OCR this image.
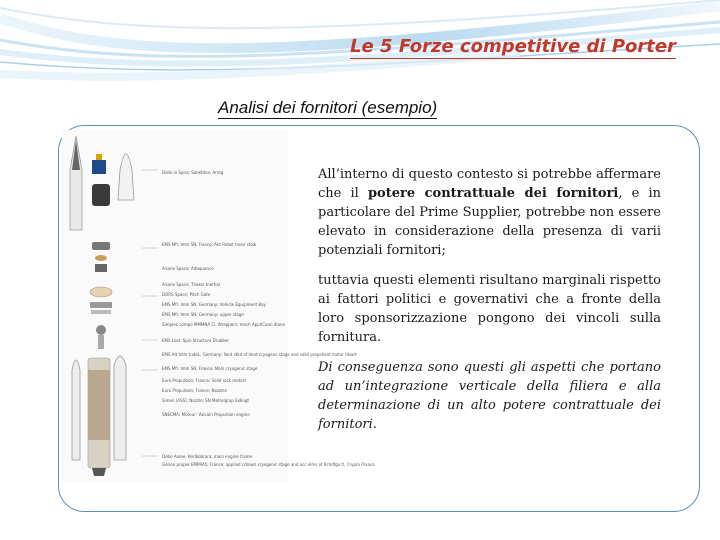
Le 5 Forze competitive di Porter
Analisi dei fornitori (esempio)
Dolle in Spira; Satellites; Arrog
EMS Mfr. Imm SN, Fresco; Ant Robot Inner stow
Ariane Space; Altaquance
Ariane Space; Thakor Inertial
DORS Space; Pitch Gate
EMS Mfr. Imm SN, Germany; Vehicle Equipment Bay
EMS Mfr. Imm SN, Germany; upper stage
Simplex compo MMMNA Cl, Wrappers; mech Appl/Conn dlpne
EMS Loxt, Spin Structure Drubber
EMS Alt Imm tudeL, Germany; fwrd stkd of Imnt cryogenc stage and solid propellant motor tikwrt
EMS Mfr. Imm SN, France; Main cryogenic stage
Euro Propulsion; France; Solid rock motors
Euro Propulsion, France; Nozzles
Simon (ASS); Nozzle; SN Metrolgrap Sidingt
SNECMA; Moteur; Vulcain Propulsion engine
Dobe Aoree, Kerlbobrara; main engine frame
Gorion proper EMPRA5; France; applied cdrown cryogenic stage and acc elms of Rchdfgo lt, Crypro Prxaco

All’interno di questo contesto si potrebbe affermare che il potere contrattuale dei fornitori, e in particolare del Prime Supplier, potrebbe non essere elevato in considerazione della presenza di varii potenziali fornitori;

tuttavia questi elementi risultano marginali rispetto ai fattori politici e governativi che a fronte della loro sponsorizzazione pongono dei vincoli sulla fornitura.

Di conseguenza sono questi gli aspetti che portano ad un’integrazione verticale della filiera e alla determinazione di un alto potere contrattuale dei fornitori.
